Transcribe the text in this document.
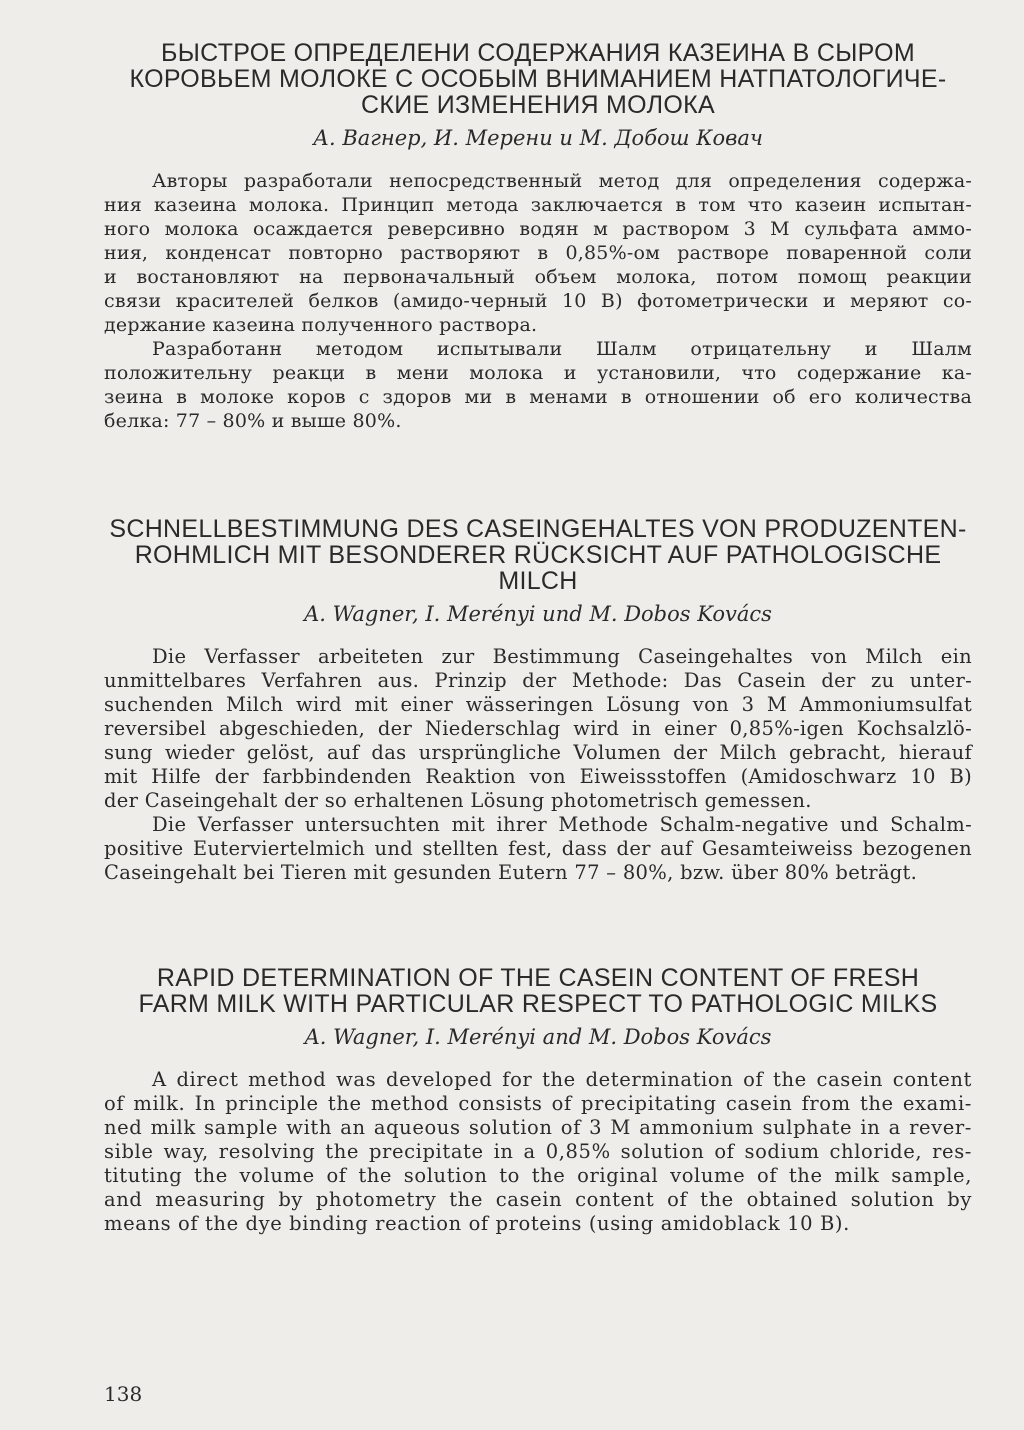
БЫСТРОЕ ОПРЕДЕЛЕНИ СОДЕРЖАНИЯ КАЗЕИНА В СЫРОМ
КОРОВЬЕМ МОЛОКЕ С ОСОБЫМ ВНИМАНИЕМ НАТПАТОЛОГИЧЕ-
СКИЕ ИЗМЕНЕНИЯ МОЛОКА

А. Вагнер, И. Мерени и М. Добош Ковач

Авторы разработали непосредственный метод для определения содержа-
ния казеина молока. Принцип метода заключается в том что казеин испытан-
ного молока осаждается реверсивно водян м раствором 3 М сульфата аммо-
ния, конденсат повторно растворяют в 0,85%-ом растворе поваренной соли
и востановляют на первоначальный объем молока, потом помощ реакции
связи красителей белков (амидо-черный 10 В) фотометрически и меряют со-
держание казеина полученного раствора.

Разработанн методом испытывали Шалм отрицательну и Шалм
положительну реакци в мени молока и установили, что содержание ка-
зеина в молоке коров с здоров ми в менами в отношении об его количества
белка: 77 – 80% и выше 80%.

SCHNELLBESTIMMUNG DES CASEINGEHALTES VON PRODUZENTEN-
ROHMLICH MIT BESONDERER RÜCKSICHT AUF PATHOLOGISCHE
MILCH

A. Wagner, I. Merényi und M. Dobos Kovács

Die Verfasser arbeiteten zur Bestimmung Caseingehaltes von Milch ein
unmittelbares Verfahren aus. Prinzip der Methode: Das Casein der zu unter-
suchenden Milch wird mit einer wässeringen Lösung von 3 M Ammoniumsulfat
reversibel abgeschieden, der Niederschlag wird in einer 0,85%-igen Kochsalzlö-
sung wieder gelöst, auf das ursprüngliche Volumen der Milch gebracht, hierauf
mit Hilfe der farbbindenden Reaktion von Eiweissstoffen (Amidoschwarz 10 B)
der Caseingehalt der so erhaltenen Lösung photometrisch gemessen.

Die Verfasser untersuchten mit ihrer Methode Schalm-negative und Schalm-
positive Euterviertelmich und stellten fest, dass der auf Gesamteiweiss bezogenen
Caseingehalt bei Tieren mit gesunden Eutern 77 – 80%, bzw. über 80% beträgt.

RAPID DETERMINATION OF THE CASEIN CONTENT OF FRESH
FARM MILK WITH PARTICULAR RESPECT TO PATHOLOGIC MILKS

A. Wagner, I. Merényi and M. Dobos Kovács

A direct method was developed for the determination of the casein content
of milk. In principle the method consists of precipitating casein from the exami-
ned milk sample with an aqueous solution of 3 M ammonium sulphate in a rever-
sible way, resolving the precipitate in a 0,85% solution of sodium chloride, res-
tituting the volume of the solution to the original volume of the milk sample,
and measuring by photometry the casein content of the obtained solution by
means of the dye binding reaction of proteins (using amidoblack 10 B).

138
